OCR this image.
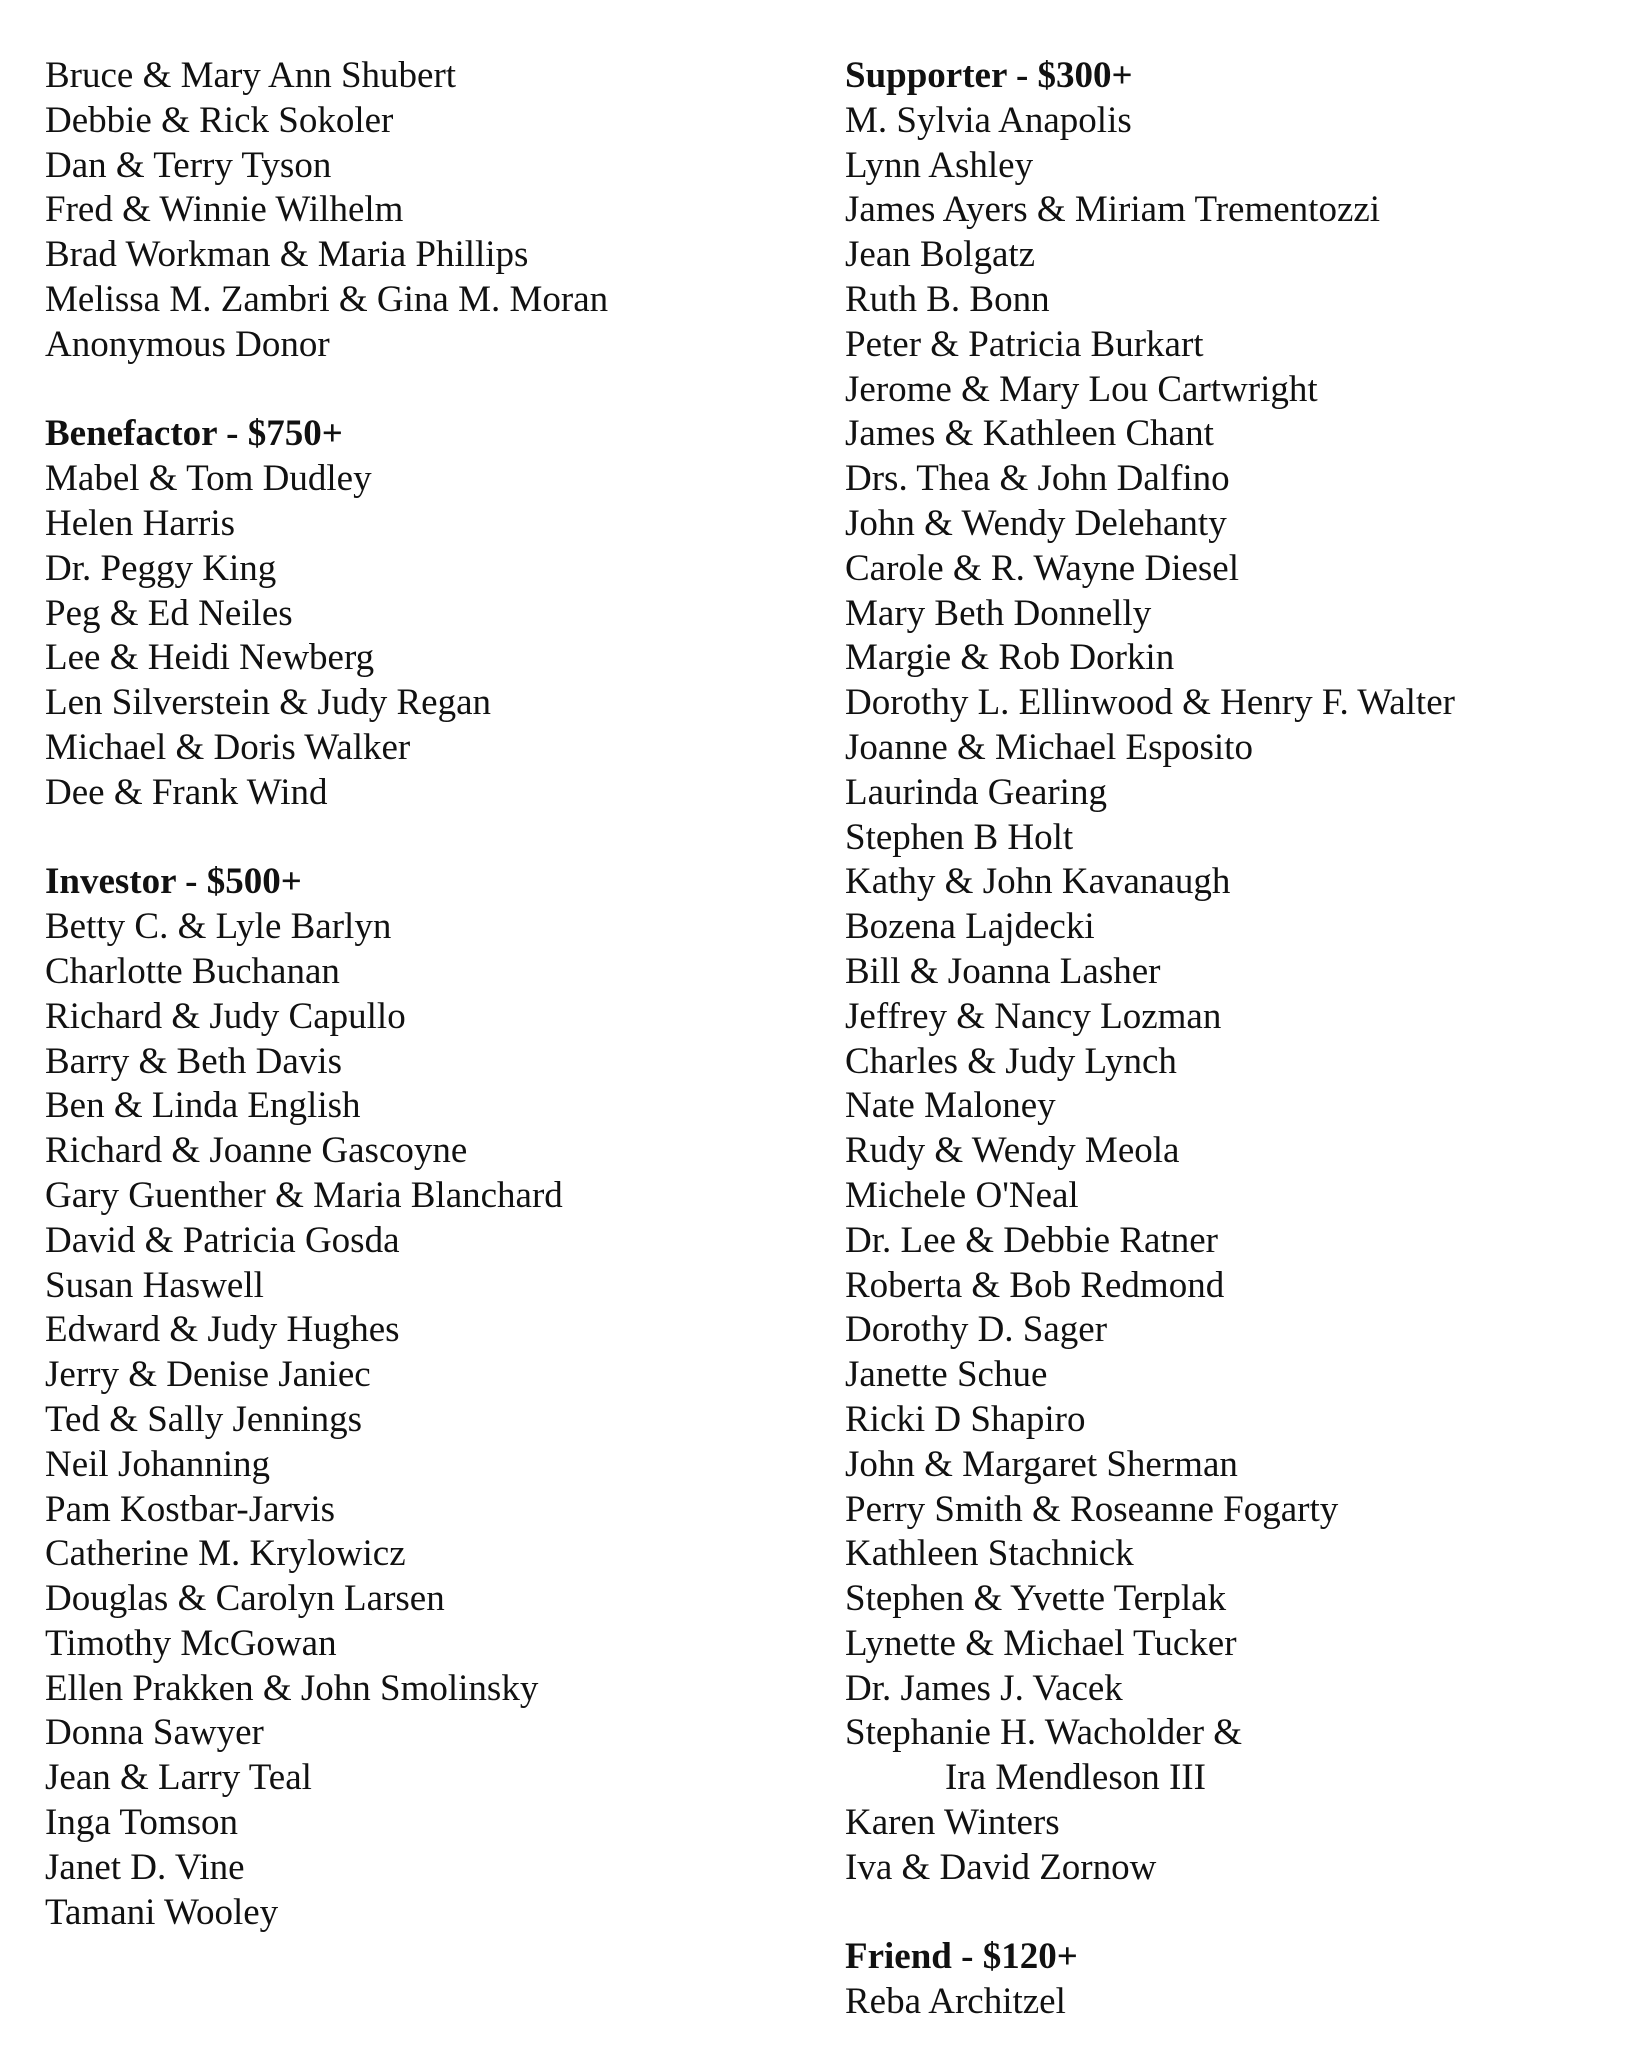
Bruce & Mary Ann Shubert
Debbie & Rick Sokoler
Dan & Terry Tyson
Fred & Winnie Wilhelm
Brad Workman & Maria Phillips
Melissa M. Zambri & Gina M. Moran
Anonymous Donor
Benefactor - $750+
Mabel & Tom Dudley
Helen Harris
Dr. Peggy King
Peg & Ed Neiles
Lee & Heidi Newberg
Len Silverstein & Judy Regan
Michael & Doris Walker
Dee & Frank Wind
Investor - $500+
Betty C. & Lyle Barlyn
Charlotte Buchanan
Richard & Judy Capullo
Barry & Beth Davis
Ben & Linda English
Richard & Joanne Gascoyne
Gary Guenther & Maria Blanchard
David & Patricia Gosda
Susan Haswell
Edward & Judy Hughes
Jerry & Denise Janiec
Ted & Sally Jennings
Neil Johanning
Pam Kostbar-Jarvis
Catherine M. Krylowicz
Douglas & Carolyn Larsen
Timothy McGowan
Ellen Prakken & John Smolinsky
Donna Sawyer
Jean & Larry Teal
Inga Tomson
Janet D. Vine
Tamani Wooley
Supporter - $300+
M. Sylvia Anapolis
Lynn Ashley
James Ayers & Miriam Trementozzi
Jean Bolgatz
Ruth B. Bonn
Peter & Patricia Burkart
Jerome & Mary Lou Cartwright
James & Kathleen Chant
Drs. Thea & John Dalfino
John & Wendy Delehanty
Carole & R. Wayne Diesel
Mary Beth Donnelly
Margie & Rob Dorkin
Dorothy L. Ellinwood & Henry F. Walter
Joanne & Michael Esposito
Laurinda Gearing
Stephen B Holt
Kathy & John Kavanaugh
Bozena Lajdecki
Bill & Joanna Lasher
Jeffrey & Nancy Lozman
Charles & Judy Lynch
Nate Maloney
Rudy & Wendy Meola
Michele O'Neal
Dr. Lee & Debbie Ratner
Roberta & Bob Redmond
Dorothy D. Sager
Janette Schue
Ricki D Shapiro
John & Margaret Sherman
Perry Smith & Roseanne Fogarty
Kathleen Stachnick
Stephen & Yvette Terplak
Lynette & Michael Tucker
Dr. James J. Vacek
Stephanie H. Wacholder &
Ira Mendleson III
Karen Winters
Iva & David Zornow
Friend - $120+
Reba Architzel
